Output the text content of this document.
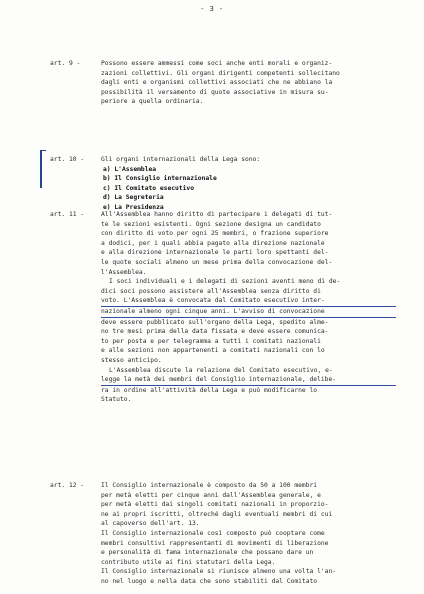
- 3 -
art. 9 -	Possono essere ammessi come soci anche enti morali e organiz-
zazioni collettivi. Gli organi dirigenti competenti sollecitano
dagli enti e organismi collettivi associati che ne abbiano la
possibilità il versamento di quote associative in misura su-
periore a quella ordinaria.
art. 10 -	Gli organi internazionali della Lega sono:
a) L'Assemblea
b) Il Consiglio internazionale
c) Il Comitato esecutivo
d) La Segreteria
e) La Presidenza
art. 11 -	All'Assemblea hanno diritto di partecipare i delegati di tut-
te le sezioni esistenti. Ogni sezione designa un candidato
con diritto di voto per ogni 25 membri, o frazione superiore
a dodici, per i quali abbia pagato alla direzione nazionale
e alla direzione internazionale le parti loro spettanti del-
le quote sociali almeno un mese prima della convocazione del-
l'Assemblea.

I soci individuali e i delegati di sezioni aventi meno di de-
dici soci possono assistere all'Assemblea senza diritto di
voto. L'Assemblea è convocata dal Comitato esecutivo inter-
nazionale almeno ogni cinque anni. L'avviso di convocazione
deve essere pubblicato sull'organo della Lega, spedito alme-
no tre mesi prima della data fissata e deve essere comunica-
to per posta e per telegramma a tutti i comitati nazionali
e alle sezioni non appartenenti a comitati nazionali con lo
stesso anticipo.

L'Assemblea discute la relazione del Comitato esecutivo, e-
legge la metà dei membri del Consiglio internazionale, delibe-
ra in ordine all'attività della Lega e può modificarne lo
Statuto.

art. 12 -	Il Consiglio internazionale è composto da 50 a 100 membri
per metà eletti per cinque anni dall'Assemblea generale, e
per metà eletti dai singoli comitati nazionali in proporzio-
ne ai propri iscritti, oltreché dagli eventuali membri di cui
al capoverso dell'art. 13.
Il Consiglio internazionale così composto può cooptare come
membri consultivi rappresentanti di movimenti di liberazione
e personalità di fama internazionale che possano dare un
contributo utile ai fini statutari della Lega.
Il Consiglio internazionale si riunisce almeno una volta l'an-
no nel luogo e nella data che sono stabiliti dal Comitato
